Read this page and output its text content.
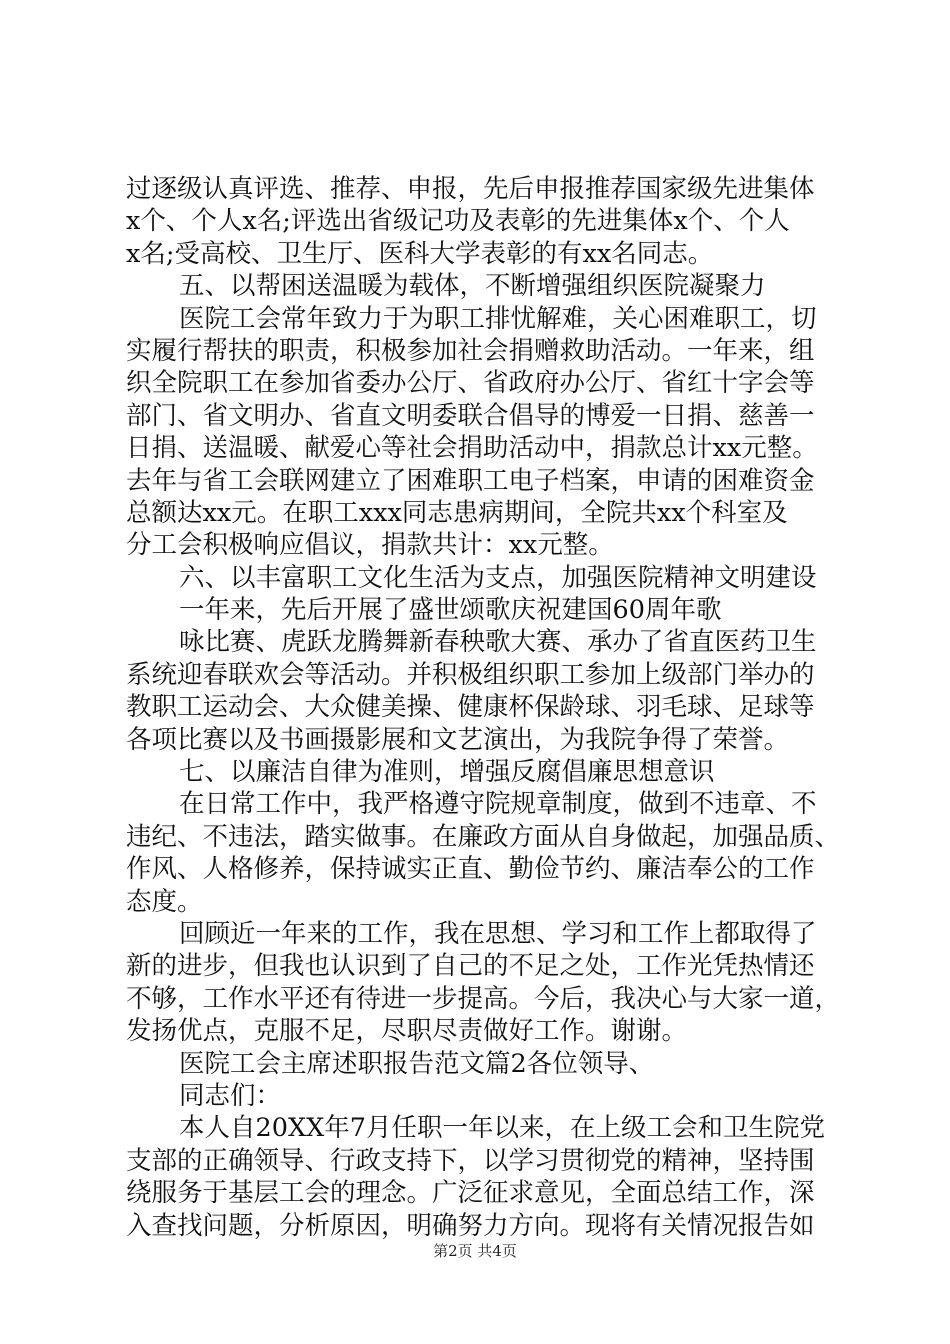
过逐级认真评选、推荐、申报，先后申报推荐国家级先进集体
x个、个人x名;评选出省级记功及表彰的先进集体x个、个人
x名;受高校、卫生厅、医科大学表彰的有xx名同志。
五、以帮困送温暖为载体，不断增强组织医院凝聚力
医院工会常年致力于为职工排忧解难，关心困难职工，切
实履行帮扶的职责，积极参加社会捐赠救助活动。一年来，组
织全院职工在参加省委办公厅、省政府办公厅、省红十字会等
部门、省文明办、省直文明委联合倡导的博爱一日捐、慈善一
日捐、送温暖、献爱心等社会捐助活动中，捐款总计xx元整。
去年与省工会联网建立了困难职工电子档案，申请的困难资金
总额达xx元。在职工xxx同志患病期间，全院共xx个科室及
分工会积极响应倡议，捐款共计：xx元整。
六、以丰富职工文化生活为支点，加强医院精神文明建设
一年来，先后开展了盛世颂歌庆祝建国60周年歌
咏比赛、虎跃龙腾舞新春秧歌大赛、承办了省直医药卫生
系统迎春联欢会等活动。并积极组织职工参加上级部门举办的
教职工运动会、大众健美操、健康杯保龄球、羽毛球、足球等
各项比赛以及书画摄影展和文艺演出，为我院争得了荣誉。
七、以廉洁自律为准则，增强反腐倡廉思想意识
在日常工作中，我严格遵守院规章制度，做到不违章、不
违纪、不违法，踏实做事。在廉政方面从自身做起，加强品质、
作风、人格修养，保持诚实正直、勤俭节约、廉洁奉公的工作
态度。
回顾近一年来的工作，我在思想、学习和工作上都取得了
新的进步，但我也认识到了自己的不足之处，工作光凭热情还
不够，工作水平还有待进一步提高。今后，我决心与大家一道，
发扬优点，克服不足，尽职尽责做好工作。谢谢。
医院工会主席述职报告范文篇2各位领导、
同志们：
本人自20XX年7月任职一年以来，在上级工会和卫生院党
支部的正确领导、行政支持下，以学习贯彻党的精神，坚持围
绕服务于基层工会的理念。广泛征求意见，全面总结工作，深
入查找问题，分析原因，明确努力方向。现将有关情况报告如
第2页 共4页
